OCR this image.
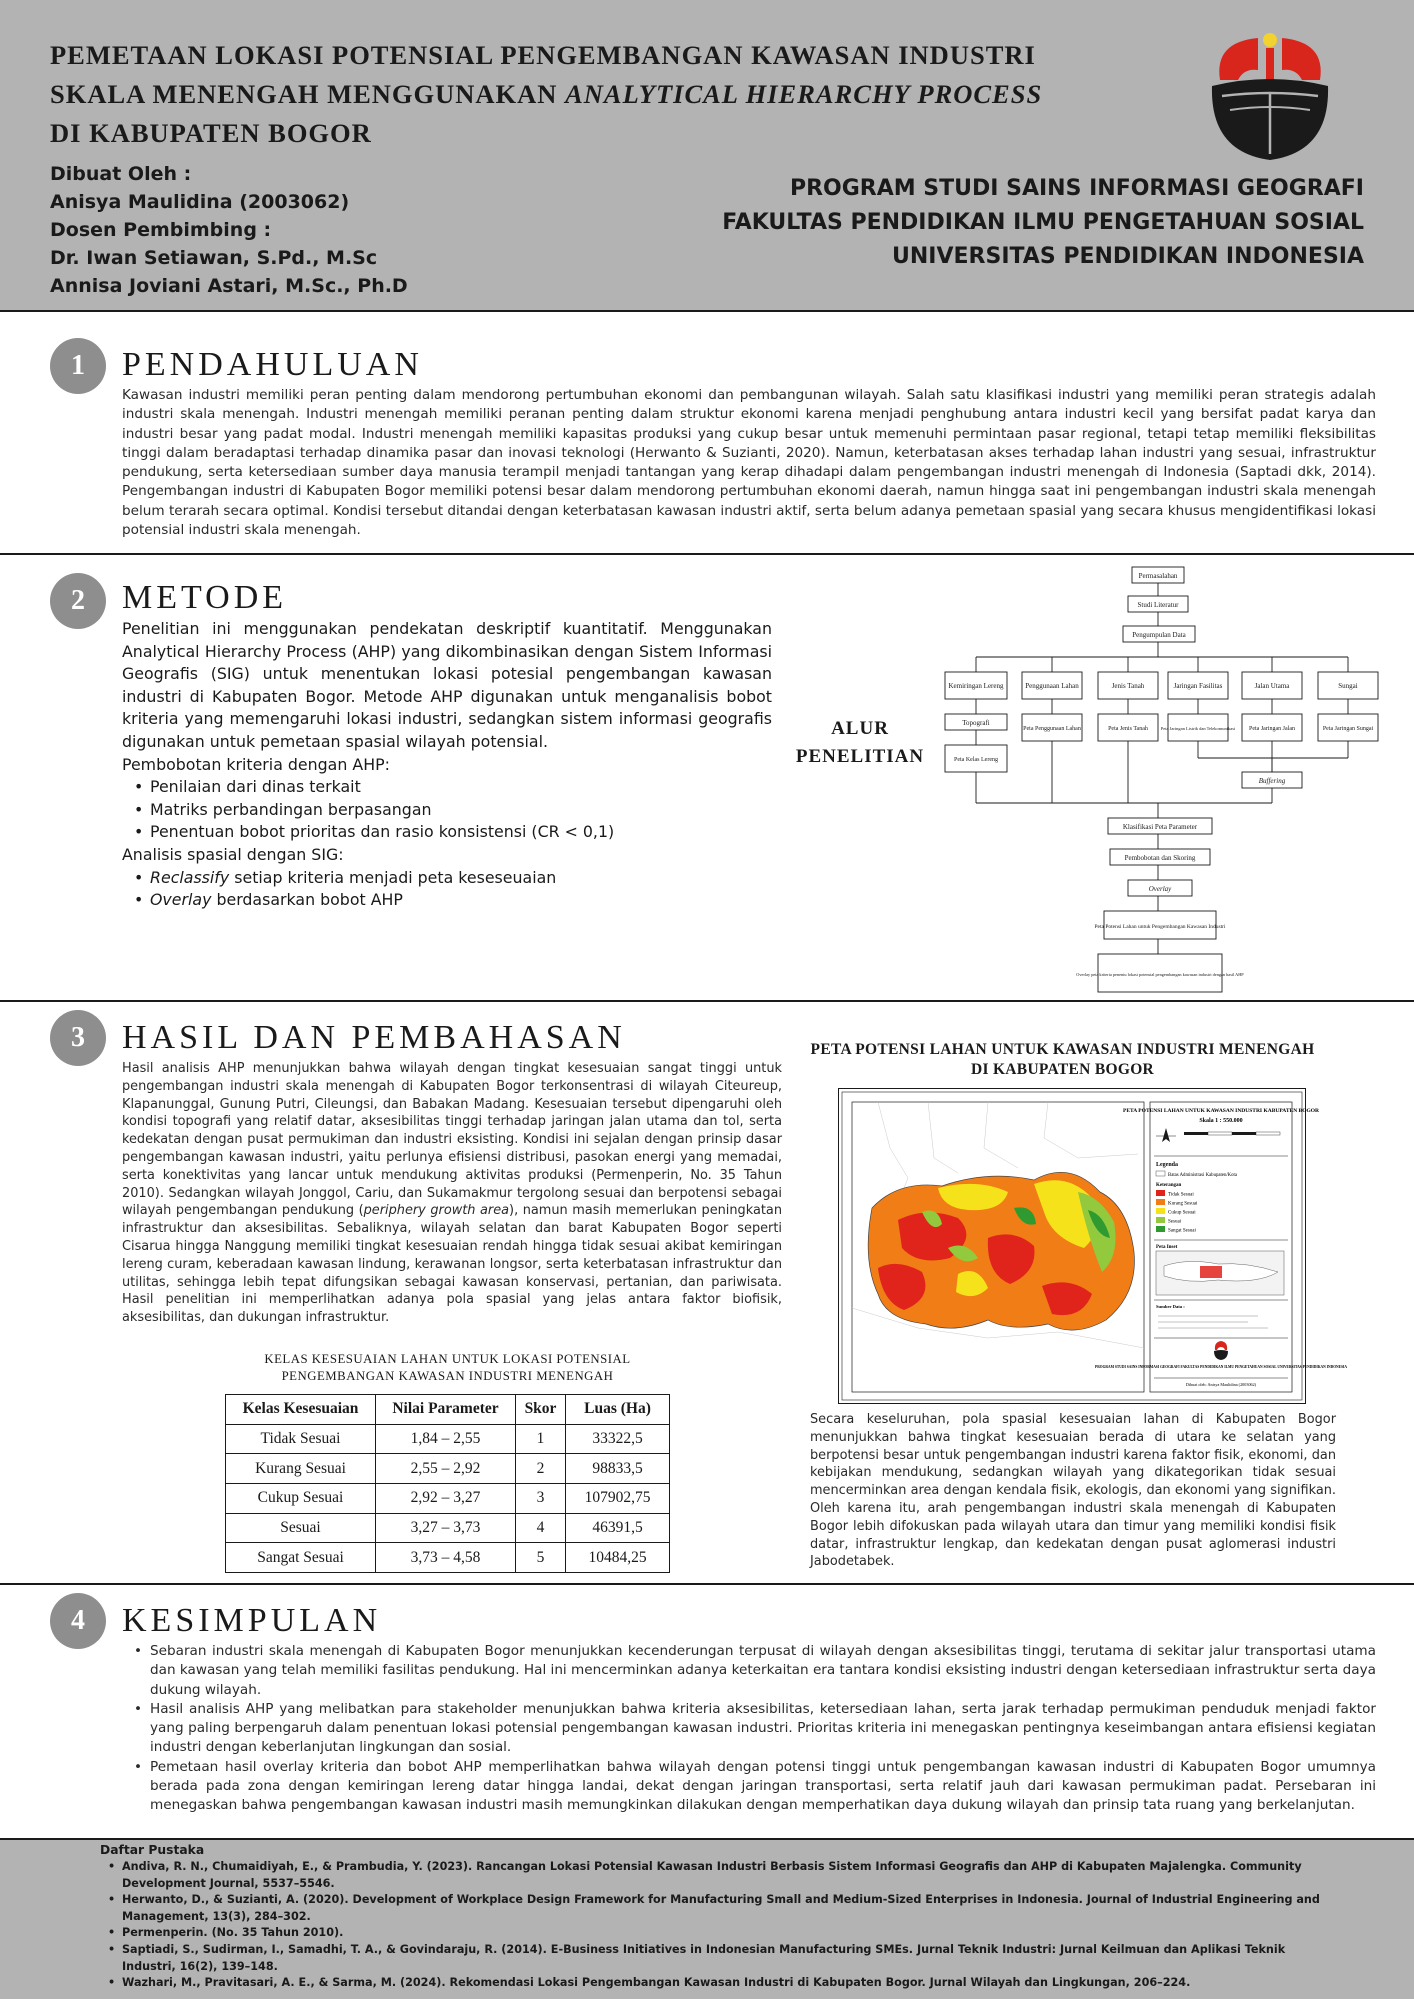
PEMETAAN LOKASI POTENSIAL PENGEMBANGAN KAWASAN INDUSTRI
SKALA MENENGAH MENGGUNAKAN ANALYTICAL HIERARCHY PROCESS
DI KABUPATEN BOGOR
Dibuat Oleh :
Anisya Maulidina (2003062)
Dosen Pembimbing :
Dr. Iwan Setiawan, S.Pd., M.Sc
Annisa Joviani Astari, M.Sc., Ph.D
PROGRAM STUDI SAINS INFORMASI GEOGRAFI
FAKULTAS PENDIDIKAN ILMU PENGETAHUAN SOSIAL
UNIVERSITAS PENDIDIKAN INDONESIA
1	PENDAHULUAN
Kawasan industri memiliki peran penting dalam mendorong pertumbuhan ekonomi dan pembangunan wilayah. Salah satu klasifikasi industri yang memiliki peran strategis adalah industri skala menengah. Industri menengah memiliki peranan penting dalam struktur ekonomi karena menjadi penghubung antara industri kecil yang bersifat padat karya dan industri besar yang padat modal. Industri menengah memiliki kapasitas produksi yang cukup besar untuk memenuhi permintaan pasar regional, tetapi tetap memiliki fleksibilitas tinggi dalam beradaptasi terhadap dinamika pasar dan inovasi teknologi (Herwanto & Suzianti, 2020). Namun, keterbatasan akses terhadap lahan industri yang sesuai, infrastruktur pendukung, serta ketersediaan sumber daya manusia terampil menjadi tantangan yang kerap dihadapi dalam pengembangan industri menengah di Indonesia (Saptadi dkk, 2014). Pengembangan industri di Kabupaten Bogor memiliki potensi besar dalam mendorong pertumbuhan ekonomi daerah, namun hingga saat ini pengembangan industri skala menengah belum terarah secara optimal. Kondisi tersebut ditandai dengan keterbatasan kawasan industri aktif, serta belum adanya pemetaan spasial yang secara khusus mengidentifikasi lokasi potensial industri skala menengah.
2	METODE

Penelitian ini menggunakan pendekatan deskriptif kuantitatif. Menggunakan Analytical Hierarchy Process (AHP) yang dikombinasikan dengan Sistem Informasi Geografis (SIG) untuk menentukan lokasi potesial pengembangan kawasan industri di Kabupaten Bogor. Metode AHP digunakan untuk menganalisis bobot kriteria yang memengaruhi lokasi industri, sedangkan sistem informasi geografis digunakan untuk pemetaan spasial wilayah potensial.

Pembobotan kriteria dengan AHP:
• Penilaian dari dinas terkait
• Matriks perbandingan berpasangan
• Penentuan bobot prioritas dan rasio konsistensi (CR < 0,1)
Analisis spasial dengan SIG:
• Reclassify setiap kriteria menjadi peta keseseuaian
• Overlay berdasarkan bobot AHP
ALUR
PENELITIAN
Permasalahan
Studi Literatur
Pengumpulan Data
Kemiringan Lereng	Penggunaan Lahan	Jenis Tanah	Jaringan Fasilitas	Jalan Utama	Sungai
Topografi
Peta Penggunaan Lahan	Peta Jenis Tanah	Peta Jaringan Listrik dan Telekomunikasi Peta Jaringan Jalan	Peta Jaringan Sungai
Peta Kelas Lereng
Buffering
Klasifikasi Peta Parameter
Pembobotan dan Skoring
Overlay
Peta Potensi Lahan untuk Pengembangan Kawasan Industri
Overlay peta kriteria penentu lokasi potensial pengembangan kawasan industri dengan hasil AHP
3	HASIL DAN PEMBAHASAN
Hasil analisis AHP menunjukkan bahwa wilayah dengan tingkat kesesuaian sangat tinggi untuk pengembangan industri skala menengah di Kabupaten Bogor terkonsentrasi di wilayah Citeureup, Klapanunggal, Gunung Putri, Cileungsi, dan Babakan Madang. Kesesuaian tersebut dipengaruhi oleh kondisi topografi yang relatif datar, aksesibilitas tinggi terhadap jaringan jalan utama dan tol, serta kedekatan dengan pusat permukiman dan industri eksisting. Kondisi ini sejalan dengan prinsip dasar pengembangan kawasan industri, yaitu perlunya efisiensi distribusi, pasokan energi yang memadai, serta konektivitas yang lancar untuk mendukung aktivitas produksi (Permenperin, No. 35 Tahun 2010). Sedangkan wilayah Jonggol, Cariu, dan Sukamakmur tergolong sesuai dan berpotensi sebagai wilayah pengembangan pendukung (periphery growth area), namun masih memerlukan peningkatan infrastruktur dan aksesibilitas. Sebaliknya, wilayah selatan dan barat Kabupaten Bogor seperti Cisarua hingga Nanggung memiliki tingkat kesesuaian rendah hingga tidak sesuai akibat kemiringan lereng curam, keberadaan kawasan lindung, kerawanan longsor, serta keterbatasan infrastruktur dan utilitas, sehingga lebih tepat difungsikan sebagai kawasan konservasi, pertanian, dan pariwisata. Hasil penelitian ini memperlihatkan adanya pola spasial yang jelas antara faktor biofisik, aksesibilitas, dan dukungan infrastruktur.
KELAS KESESUAIAN LAHAN UNTUK LOKASI POTENSIAL
PENGEMBANGAN KAWASAN INDUSTRI MENENGAH
Kelas Kesesuaian	Nilai Parameter	Skor	Luas (Ha)
Tidak Sesuai	1,84 – 2,55	1	33322,5
Kurang Sesuai	2,55 – 2,92	2	98833,5
Cukup Sesuai	2,92 – 3,27	3	107902,75
Sesuai	3,27 – 3,73	4	46391,5
Sangat Sesuai	3,73 – 4,58	5	10484,25
PETA POTENSI LAHAN UNTUK KAWASAN INDUSTRI MENENGAH
DI KABUPATEN BOGOR
PETA POTENSI LAHAN UNTUK KAWASAN INDUSTRI KABUPATEN BOGOR
Skala 1 : 550.000
Legenda
Batas Administrasi Kabupaten/Kota
Keterangan
Tidak Sesuai
Kurang Sesuai
Cukup Sesuai
Sesuai
Sangat Sesuai
Peta Inset
Sumber Data :
PROGRAM STUDI SAINS INFORMASI GEOGRAFI FAKULTAS PENDIDIKAN ILMU PENGETAHUAN SOSIAL UNIVERSITAS PENDIDIKAN INDONESIA
Dibuat oleh: Anisya Maulidina (2003062)
Secara keseluruhan, pola spasial kesesuaian lahan di Kabupaten Bogor menunjukkan bahwa tingkat kesesuaian berada di utara ke selatan yang berpotensi besar untuk pengembangan industri karena faktor fisik, ekonomi, dan kebijakan mendukung, sedangkan wilayah yang dikategorikan tidak sesuai mencerminkan area dengan kendala fisik, ekologis, dan ekonomi yang signifikan. Oleh karena itu, arah pengembangan industri skala menengah di Kabupaten Bogor lebih difokuskan pada wilayah utara dan timur yang memiliki kondisi fisik datar, infrastruktur lengkap, dan kedekatan dengan pusat aglomerasi industri Jabodetabek.
4	KESIMPULAN
• Sebaran industri skala menengah di Kabupaten Bogor menunjukkan kecenderungan terpusat di wilayah dengan aksesibilitas tinggi, terutama di sekitar jalur transportasi utama dan kawasan yang telah memiliki fasilitas pendukung. Hal ini mencerminkan adanya keterkaitan era tantara kondisi eksisting industri dengan ketersediaan infrastruktur serta daya dukung wilayah.
• Hasil analisis AHP yang melibatkan para stakeholder menunjukkan bahwa kriteria aksesibilitas, ketersediaan lahan, serta jarak terhadap permukiman penduduk menjadi faktor yang paling berpengaruh dalam penentuan lokasi potensial pengembangan kawasan industri. Prioritas kriteria ini menegaskan pentingnya keseimbangan antara efisiensi kegiatan industri dengan keberlanjutan lingkungan dan sosial.
• Pemetaan hasil overlay kriteria dan bobot AHP memperlihatkan bahwa wilayah dengan potensi tinggi untuk pengembangan kawasan industri di Kabupaten Bogor umumnya berada pada zona dengan kemiringan lereng datar hingga landai, dekat dengan jaringan transportasi, serta relatif jauh dari kawasan permukiman padat. Persebaran ini menegaskan bahwa pengembangan kawasan industri masih memungkinkan dilakukan dengan memperhatikan daya dukung wilayah dan prinsip tata ruang yang berkelanjutan.
Daftar Pustaka
• Andiva, R. N., Chumaidiyah, E., & Prambudia, Y. (2023). Rancangan Lokasi Potensial Kawasan Industri Berbasis Sistem Informasi Geografis dan AHP di Kabupaten Majalengka. Community Development Journal, 5537–5546.
• Herwanto, D., & Suzianti, A. (2020). Development of Workplace Design Framework for Manufacturing Small and Medium-Sized Enterprises in Indonesia. Journal of Industrial Engineering and Management, 13(3), 284–302.
• Permenperin. (No. 35 Tahun 2010).
• Saptiadi, S., Sudirman, I., Samadhi, T. A., & Govindaraju, R. (2014). E-Business Initiatives in Indonesian Manufacturing SMEs. Jurnal Teknik Industri: Jurnal Keilmuan dan Aplikasi Teknik Industri, 16(2), 139–148.
• Wazhari, M., Pravitasari, A. E., & Sarma, M. (2024). Rekomendasi Lokasi Pengembangan Kawasan Industri di Kabupaten Bogor. Jurnal Wilayah dan Lingkungan, 206–224.
